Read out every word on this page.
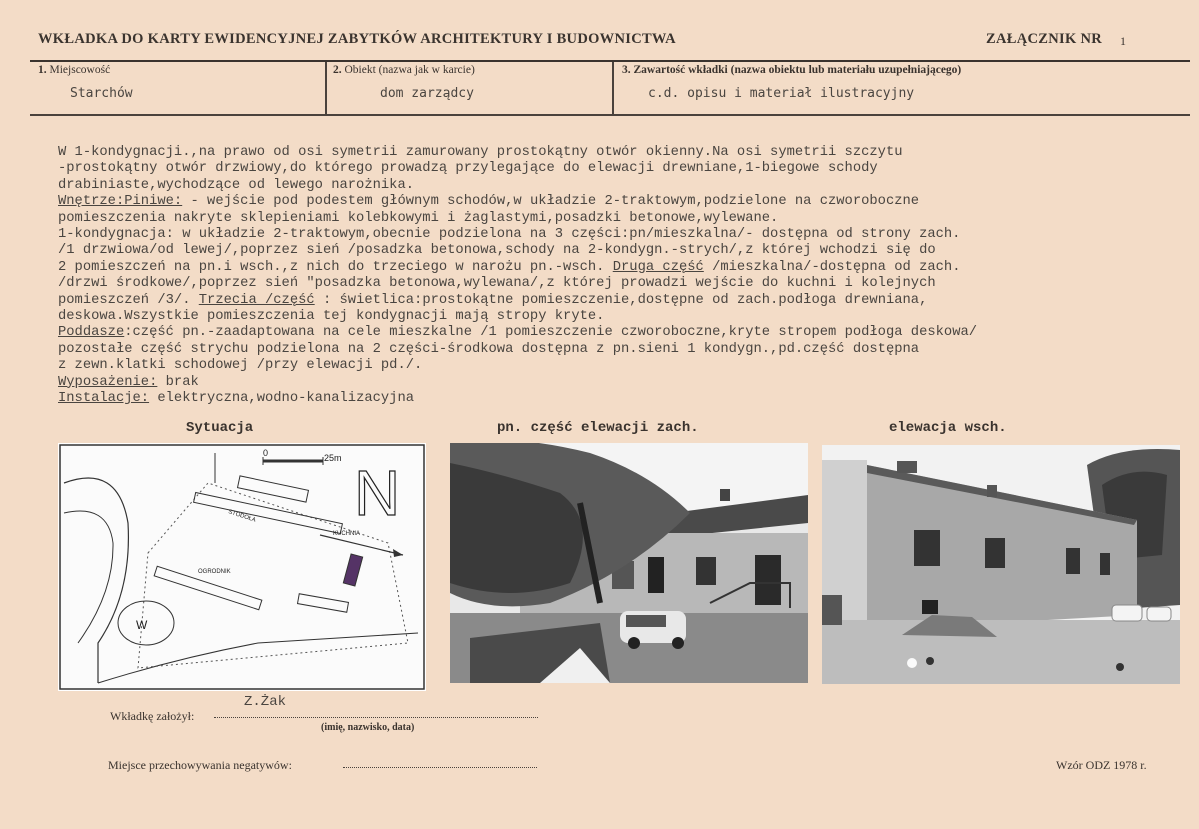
WKŁADKA DO KARTY EWIDENCYJNEJ ZABYTKÓW ARCHITEKTURY I BUDOWNICTWA	ZAŁĄCZNIK NR 1
1. Miejscowość
Starchów
2. Obiekt (nazwa jak w karcie)
dom zarządcy
3. Zawartość wkładki (nazwa obiektu lub materiału uzupełniającego)
c.d. opisu i materiał ilustracyjny
W 1-kondygnacji.,na prawo od osi symetrii zamurowany prostokątny otwór okienny.Na osi symetrii szczytu
-prostokątny otwór drzwiowy,do którego prowadzą przylegające do elewacji drewniane,1-biegowe schody
drabiniaste,wychodzące od lewego narożnika.
Wnętrze:Piniwe: - wejście pod podestem głównym schodów,w układzie 2-traktowym,podzielone na czworoboczne
pomieszczenia nakryte sklepieniami kolebkowymi i żaglastymi,posadzki betonowe,wylewane.
1-kondygnacja: w układzie 2-traktowym,obecnie podzielona na 3 części:pn/mieszkalna/- dostępna od strony zach.
/1 drzwiowa/od lewej/,poprzez sień /posadzka betonowa,schody na 2-kondygn.-strych/,z której wchodzi się do
2 pomieszczeń na pn.i wsch.,z nich do trzeciego w narożu pn.-wsch. Druga część /mieszkalna/-dostępna od zach.
/drzwi środkowe/,poprzez sień "posadzka betonowa,wylewana/,z której prowadzi wejście do kuchni i kolejnych
pomieszczeń /3/. Trzecia /część : świetlica:prostokątne pomieszczenie,dostępne od zach.podłoga drewniana,
deskowa.Wszystkie pomieszczenia tej kondygnacji mają stropy kryte.
Poddasze:część pn.-zaadaptowana na cele mieszkalne /1 pomieszczenie czworoboczne,kryte stropem podłoga deskowa/
pozostałe część strychu podzielona na 2 części-środkowa dostępna z pn.sieni 1 kondygn.,pd.część dostępna
z zewn.klatki schodowej /przy elewacji pd./.
Wyposażenie: brak
Instalacje: elektryczna,wodno-kanalizacyjna
Sytuacja	pn. część elewacji zach.	elewacja wsch.
W
KUCHNIA
STODOŁA
OGRODNIK
0	25m N
Wkładkę założył:
Z.Żak
(imię, nazwisko, data)
Miejsce przechowywania negatywów:	Wzór ODZ 1978 r.
